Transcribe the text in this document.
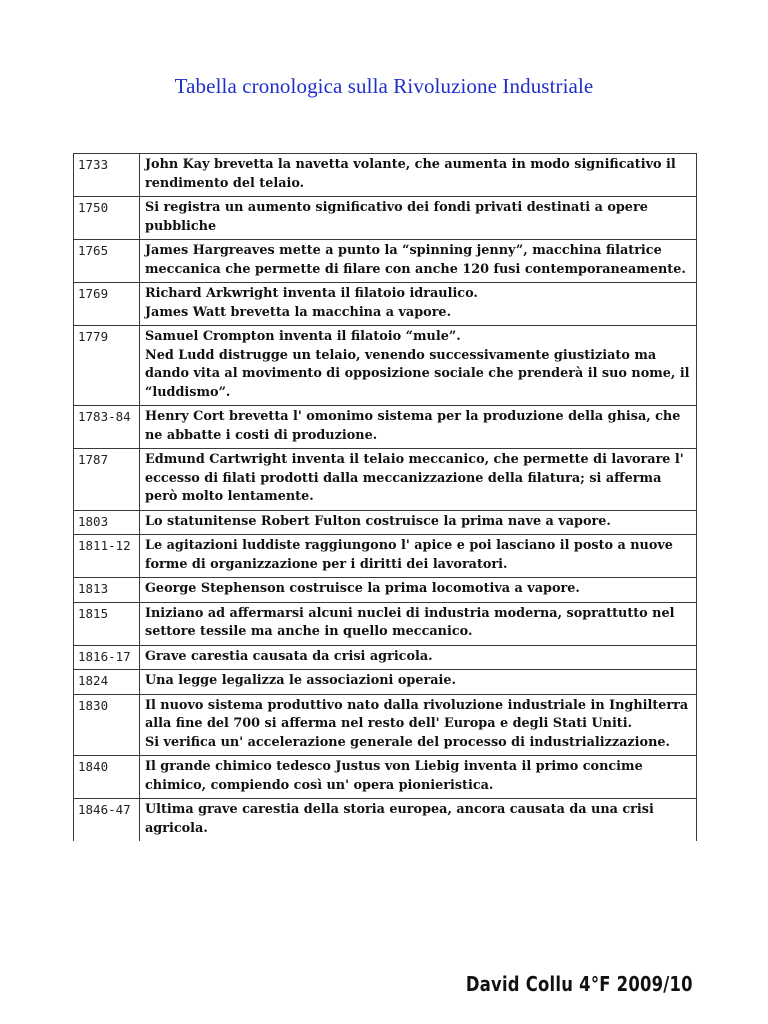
Tabella cronologica sulla Rivoluzione Industriale
1733	John Kay brevetta la navetta volante, che aumenta in modo significativo il rendimento del telaio.

1750	Si registra un aumento significativo dei fondi privati destinati a opere pubbliche

1765	James Hargreaves mette a punto la “spinning jenny”, macchina filatrice meccanica che permette di filare con anche 120 fusi contemporaneamente.

1769	Richard Arkwright inventa il filatoio idraulico.
James Watt brevetta la macchina a vapore.

1779	Samuel Crompton inventa il filatoio “mule”.
Ned Ludd distrugge un telaio, venendo successivamente giustiziato ma dando vita al movimento di opposizione sociale che prenderà il suo nome, il “luddismo”.

1783-84	Henry Cort brevetta l' omonimo sistema per la produzione della ghisa, che ne abbatte i costi di produzione.

1787	Edmund Cartwright inventa il telaio meccanico, che permette di lavorare l' eccesso di filati prodotti dalla meccanizzazione della filatura; si afferma però molto lentamente.

1803	Lo statunitense Robert Fulton costruisce la prima nave a vapore.

1811-12	Le agitazioni luddiste raggiungono l' apice e poi lasciano il posto a nuove forme di organizzazione per i diritti dei lavoratori.

1813	George Stephenson costruisce la prima locomotiva a vapore.

1815	Iniziano ad affermarsi alcuni nuclei di industria moderna, soprattutto nel settore tessile ma anche in quello meccanico.

1816-17	Grave carestia causata da crisi agricola.

1824	Una legge legalizza le associazioni operaie.

1830	Il nuovo sistema produttivo nato dalla rivoluzione industriale in Inghilterra alla fine del 700 si afferma nel resto dell' Europa e degli Stati Uniti.
Si verifica un' accelerazione generale del processo di industrializzazione.

1840	Il grande chimico tedesco Justus von Liebig inventa il primo concime chimico, compiendo così un' opera pionieristica.

1846-47	Ultima grave carestia della storia europea, ancora causata da una crisi agricola.
David Collu 4°F 2009/10
